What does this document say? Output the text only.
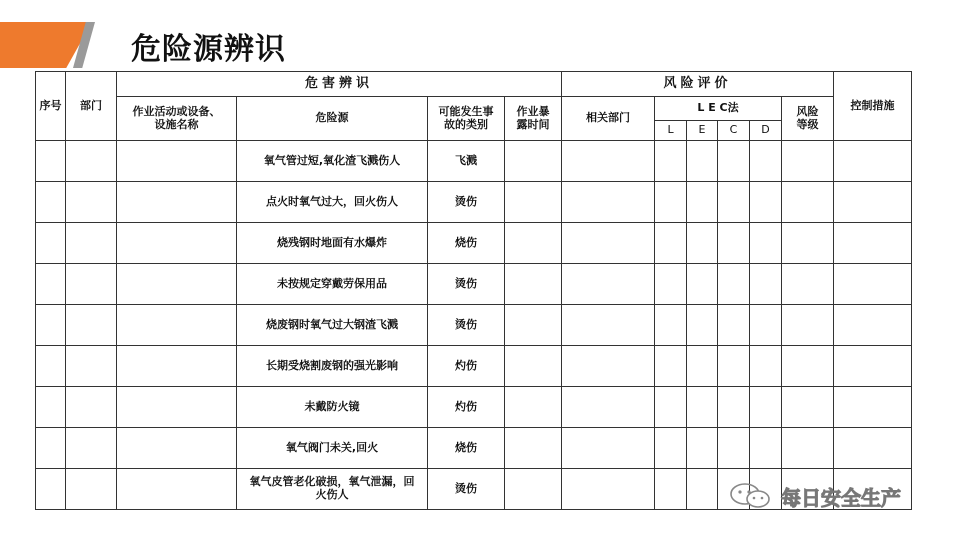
危险源辨识
序号	部门	危害辨识				风险评价						控制措施

		作业活动或设备、设施名称	危险源	可能发生事故的类别	作业暴露时间	相关部门	L E C法				风险等级	

							L	E	C	D		
			氧气管过短,氧化渣飞溅伤人	飞溅								
			点火时氧气过大，回火伤人	烫伤								
			烧残钢时地面有水爆炸	烧伤								
			未按规定穿戴劳保用品	烫伤								
			烧废钢时氧气过大钢渣飞溅	烫伤								
			长期受烧割废钢的强光影响	灼伤								
			未戴防火镜	灼伤								
			氧气阀门未关,回火	烧伤								

			氧气皮管老化破损，氧气泄漏，回火伤人	烫伤									每日安全生产
